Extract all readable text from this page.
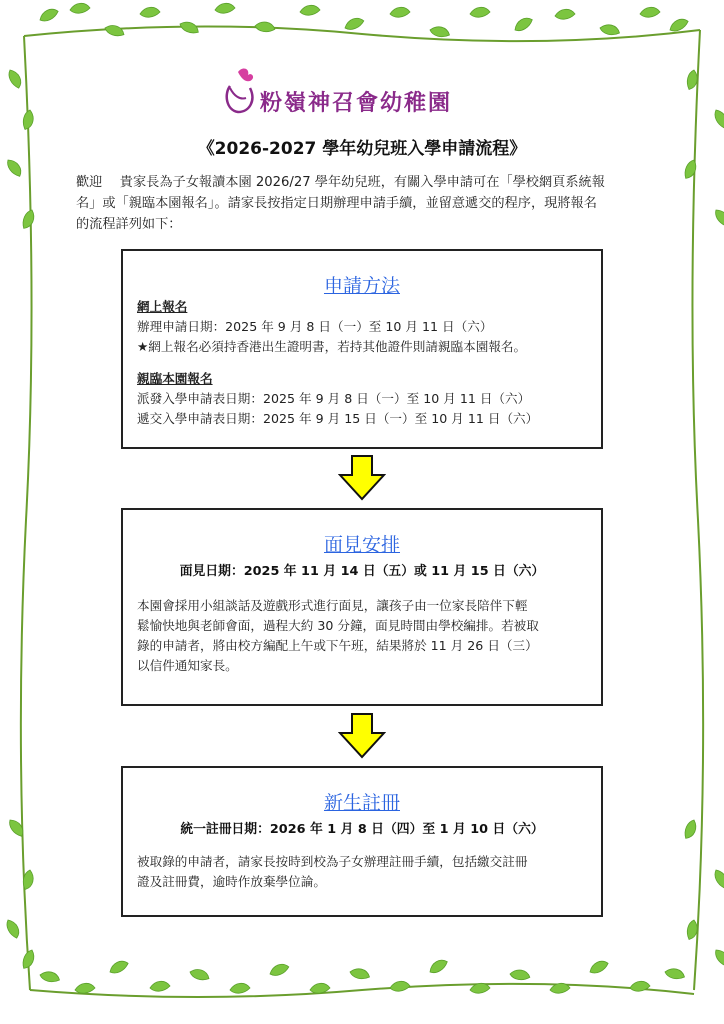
粉嶺神召會幼稚園
《2026-2027 學年幼兒班入學申請流程》
歡迎　 貴家長為子女報讀本園 2026/27 學年幼兒班，有關入學申請可在「學校網頁系統報
名」或「親臨本園報名」。請家長按指定日期辦理申請手續，並留意遞交的程序，現將報名
的流程詳列如下：
申請方法
網上報名
辦理申請日期：2025 年 9 月 8 日（一）至 10 月 11 日（六）
★網上報名必須持香港出生證明書，若持其他證件則請親臨本園報名。
親臨本園報名
派發入學申請表日期：2025 年 9 月 8 日（一）至 10 月 11 日（六）
遞交入學申請表日期：2025 年 9 月 15 日（一）至 10 月 11 日（六）
面見安排
面見日期：2025 年 11 月 14 日（五）或 11 月 15 日（六）
本園會採用小組談話及遊戲形式進行面見，讓孩子由一位家長陪伴下輕
鬆愉快地與老師會面，過程大約 30 分鐘，面見時間由學校編排。若被取
錄的申請者，將由校方編配上午或下午班，結果將於 11 月 26 日（三）
以信件通知家長。
新生註冊
統一註冊日期：2026 年 1 月 8 日（四）至 1 月 10 日（六）
被取錄的申請者，請家長按時到校為子女辦理註冊手續，包括繳交註冊
證及註冊費，逾時作放棄學位論。
